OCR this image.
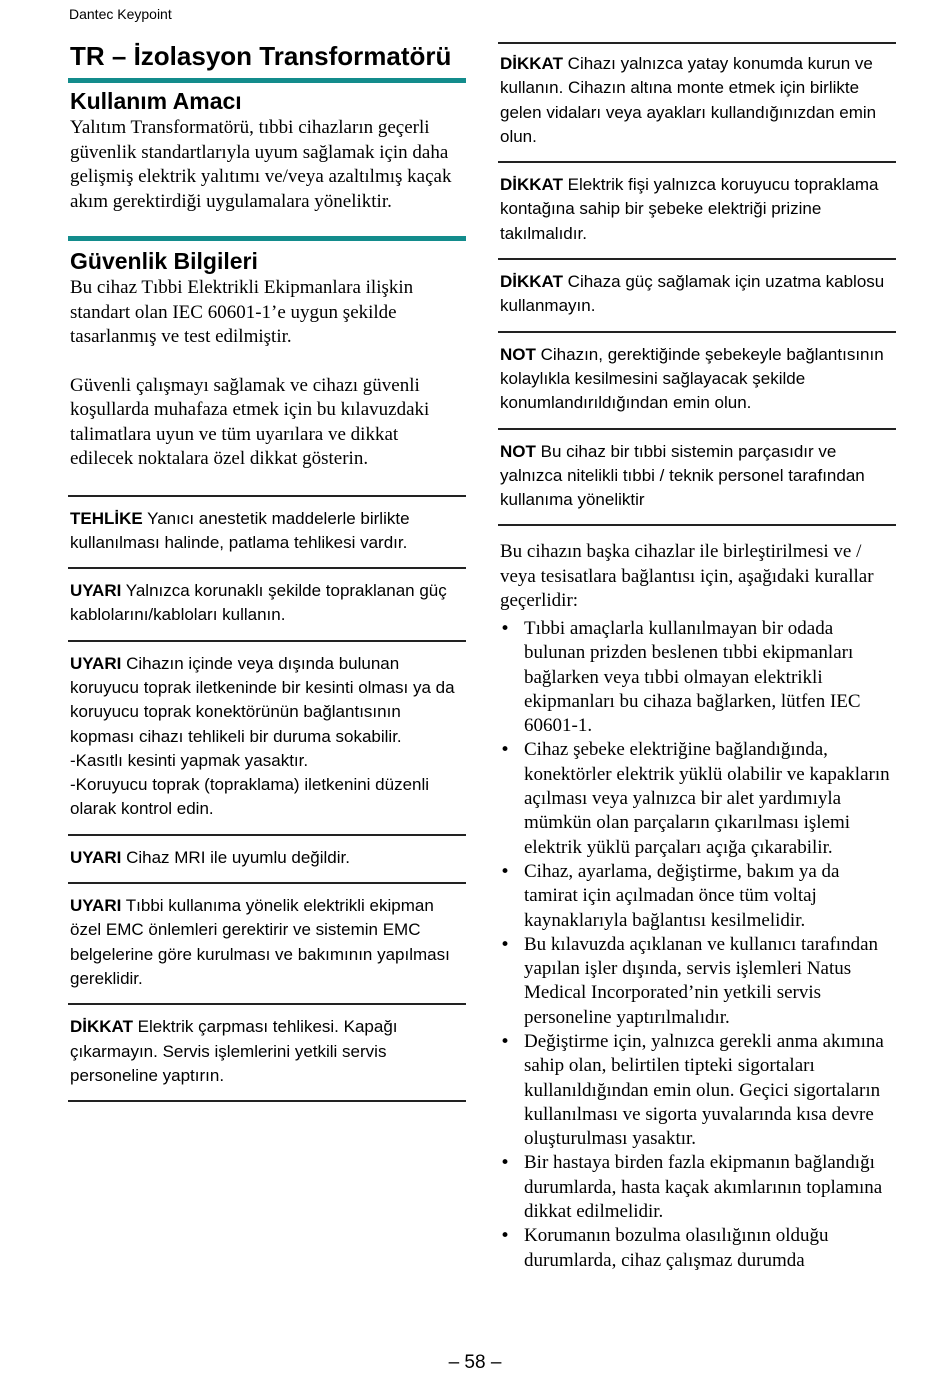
Dantec Keypoint
TR – İzolasyon Transformatörü
Kullanım Amacı
Yalıtım Transformatörü, tıbbi cihazların geçerli güvenlik standartlarıyla uyum sağlamak için daha gelişmiş elektrik yalıtımı ve/veya azaltılmış kaçak akım gerektirdiği uygulamalara yöneliktir.
Güvenlik Bilgileri
Bu cihaz Tıbbi Elektrikli Ekipmanlara ilişkin standart olan IEC 60601-1’e uygun şekilde tasarlanmış ve test edilmiştir.
Güvenli çalışmayı sağlamak ve cihazı güvenli koşullarda muhafaza etmek için bu kılavuzdaki talimatlara uyun ve tüm uyarılara ve dikkat edilecek noktalara özel dikkat gösterin.
TEHLİKE Yanıcı anestetik maddelerle birlikte kullanılması halinde, patlama tehlikesi vardır.
UYARI Yalnızca korunaklı şekilde topraklanan güç kablolarını/kabloları kullanın.
UYARI Cihazın içinde veya dışında bulunan koruyucu toprak iletkeninde bir kesinti olması ya da koruyucu toprak konektörünün bağlantısının kopması cihazı tehlikeli bir duruma sokabilir.
-Kasıtlı kesinti yapmak yasaktır.
-Koruyucu toprak (topraklama) iletkenini düzenli olarak kontrol edin.
UYARI Cihaz MRI ile uyumlu değildir.
UYARI Tıbbi kullanıma yönelik elektrikli ekipman özel EMC önlemleri gerektirir ve sistemin EMC belgelerine göre kurulması ve bakımının yapılması gereklidir.
DİKKAT Elektrik çarpması tehlikesi. Kapağı çıkarmayın. Servis işlemlerini yetkili servis personeline yaptırın.
DİKKAT Cihazı yalnızca yatay konumda kurun ve kullanın. Cihazın altına monte etmek için birlikte gelen vidaları veya ayakları kullandığınızdan emin olun.
DİKKAT Elektrik fişi yalnızca koruyucu topraklama kontağına sahip bir şebeke elektriği prizine takılmalıdır.
DİKKAT Cihaza güç sağlamak için uzatma kablosu kullanmayın.
NOT Cihazın, gerektiğinde şebekeyle bağlantısının kolaylıkla kesilmesini sağlayacak şekilde konumlandırıldığından emin olun.
NOT Bu cihaz bir tıbbi sistemin parçasıdır ve yalnızca nitelikli tıbbi / teknik personel tarafından kullanıma yöneliktir
Bu cihazın başka cihazlar ile birleştirilmesi ve / veya tesisatlara bağlantısı için, aşağıdaki kurallar geçerlidir:
• Tıbbi amaçlarla kullanılmayan bir odada bulunan prizden beslenen tıbbi ekipmanları bağlarken veya tıbbi olmayan elektrikli ekipmanları bu cihaza bağlarken, lütfen IEC 60601-1.
• Cihaz şebeke elektriğine bağlandığında, konektörler elektrik yüklü olabilir ve kapakların açılması veya yalnızca bir alet yardımıyla mümkün olan parçaların çıkarılması işlemi elektrik yüklü parçaları açığa çıkarabilir.
• Cihaz, ayarlama, değiştirme, bakım ya da tamirat için açılmadan önce tüm voltaj kaynaklarıyla bağlantısı kesilmelidir.
• Bu kılavuzda açıklanan ve kullanıcı tarafından yapılan işler dışında, servis işlemleri Natus Medical Incorporated’nin yetkili servis personeline yaptırılmalıdır.
• Değiştirme için, yalnızca gerekli anma akımına sahip olan, belirtilen tipteki sigortaları kullanıldığından emin olun. Geçici sigortaların kullanılması ve sigorta yuvalarında kısa devre oluşturulması yasaktır.
• Bir hastaya birden fazla ekipmanın bağlandığı durumlarda, hasta kaçak akımlarının toplamına dikkat edilmelidir.
• Korumanın bozulma olasılığının olduğu durumlarda, cihaz çalışmaz durumda
– 58 –
